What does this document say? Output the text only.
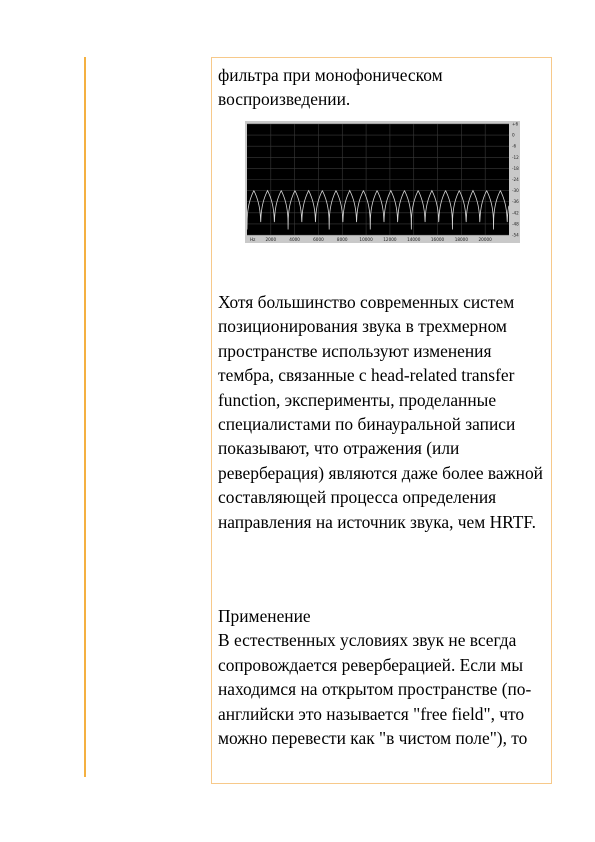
фильтра при монофоническом воспроизведении.

Hz 2000	4000	6000	8000	10000 12000 14000 16000 18000 20000
+6
0
-6
-12
-18
-24
-30
-36
-42
-48
-54

Хотя большинство современных систем позиционирования звука в трехмерном пространстве используют изменения тембра, связанные с head-related transfer function, эксперименты, проделанные специалистами по бинауральной записи показывают, что отражения (или реверберация) являются даже более важной составляющей процесса определения направления на источник звука, чем HRTF.

Применение
В естественных условиях звук не всегда сопровождается реверберацией. Если мы находимся на открытом пространстве (по-английски это называется "free field", что можно перевести как "в чистом поле"), то
